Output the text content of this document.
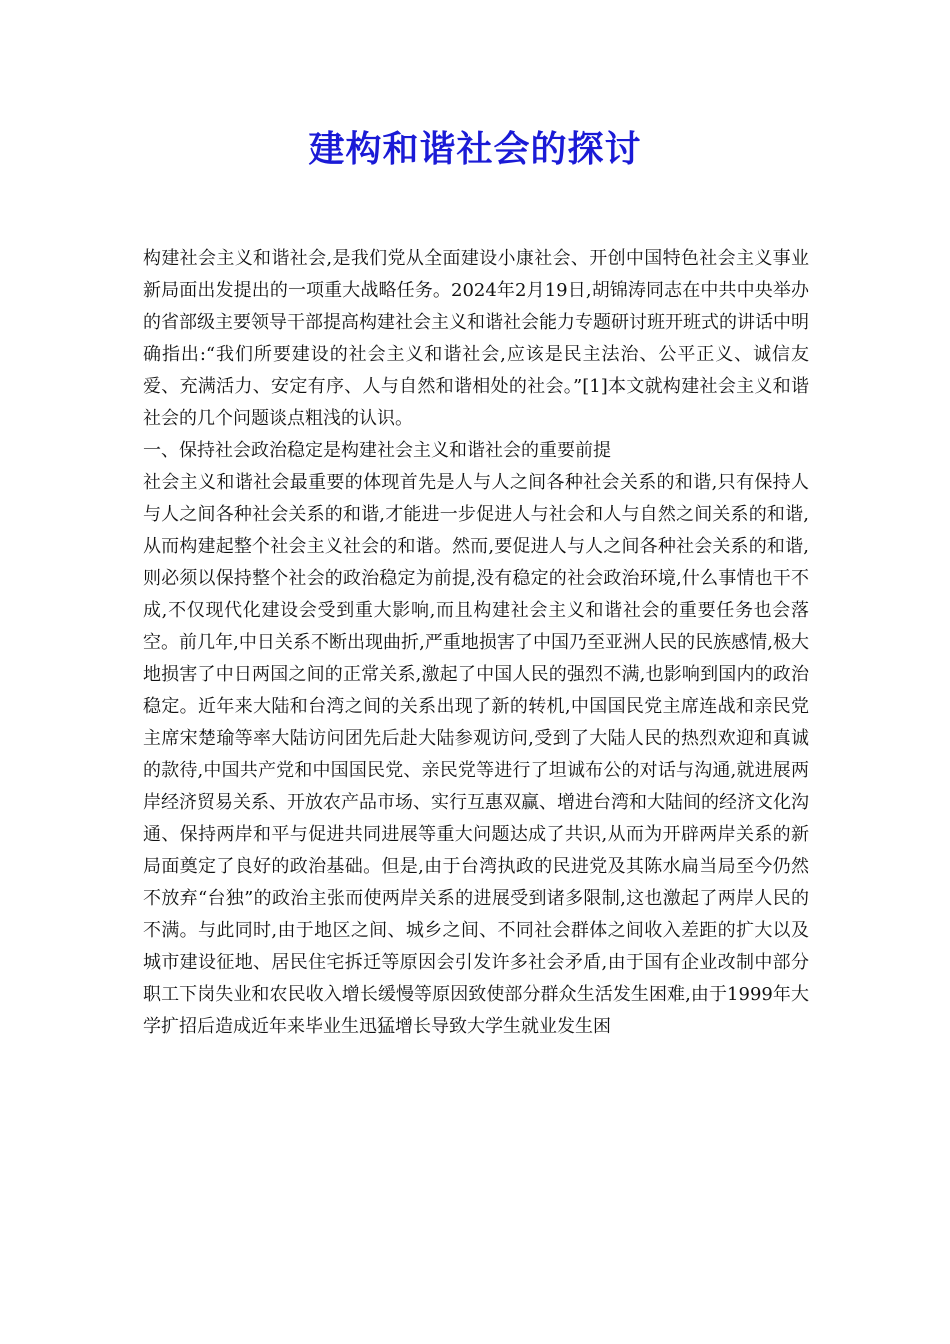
建构和谐社会的探讨

构建社会主义和谐社会,是我们党从全面建设小康社会、开创中国特色社会主义事业新局面出发提出的一项重大战略任务。2024年2月19日,胡锦涛同志在中共中央举办的省部级主要领导干部提高构建社会主义和谐社会能力专题研讨班开班式的讲话中明确指出:“我们所要建设的社会主义和谐社会,应该是民主法治、公平正义、诚信友爱、充满活力、安定有序、人与自然和谐相处的社会。”[1]本文就构建社会主义和谐社会的几个问题谈点粗浅的认识。

一、保持社会政治稳定是构建社会主义和谐社会的重要前提

社会主义和谐社会最重要的体现首先是人与人之间各种社会关系的和谐,只有保持人与人之间各种社会关系的和谐,才能进一步促进人与社会和人与自然之间关系的和谐,从而构建起整个社会主义社会的和谐。然而,要促进人与人之间各种社会关系的和谐,则必须以保持整个社会的政治稳定为前提,没有稳定的社会政治环境,什么事情也干不成,不仅现代化建设会受到重大影响,而且构建社会主义和谐社会的重要任务也会落空。前几年,中日关系不断出现曲折,严重地损害了中国乃至亚洲人民的民族感情,极大地损害了中日两国之间的正常关系,激起了中国人民的强烈不满,也影响到国内的政治稳定。近年来大陆和台湾之间的关系出现了新的转机,中国国民党主席连战和亲民党主席宋楚瑜等率大陆访问团先后赴大陆参观访问,受到了大陆人民的热烈欢迎和真诚的款待,中国共产党和中国国民党、亲民党等进行了坦诚布公的对话与沟通,就进展两岸经济贸易关系、开放农产品市场、实行互惠双赢、增进台湾和大陆间的经济文化沟通、保持两岸和平与促进共同进展等重大问题达成了共识,从而为开辟两岸关系的新局面奠定了良好的政治基础。但是,由于台湾执政的民进党及其陈水扁当局至今仍然不放弃“台独”的政治主张而使两岸关系的进展受到诸多限制,这也激起了两岸人民的不满。与此同时,由于地区之间、城乡之间、不同社会群体之间收入差距的扩大以及城市建设征地、居民住宅拆迁等原因会引发许多社会矛盾,由于国有企业改制中部分职工下岗失业和农民收入增长缓慢等原因致使部分群众生活发生困难,由于1999年大学扩招后造成近年来毕业生迅猛增长导致大学生就业发生困
